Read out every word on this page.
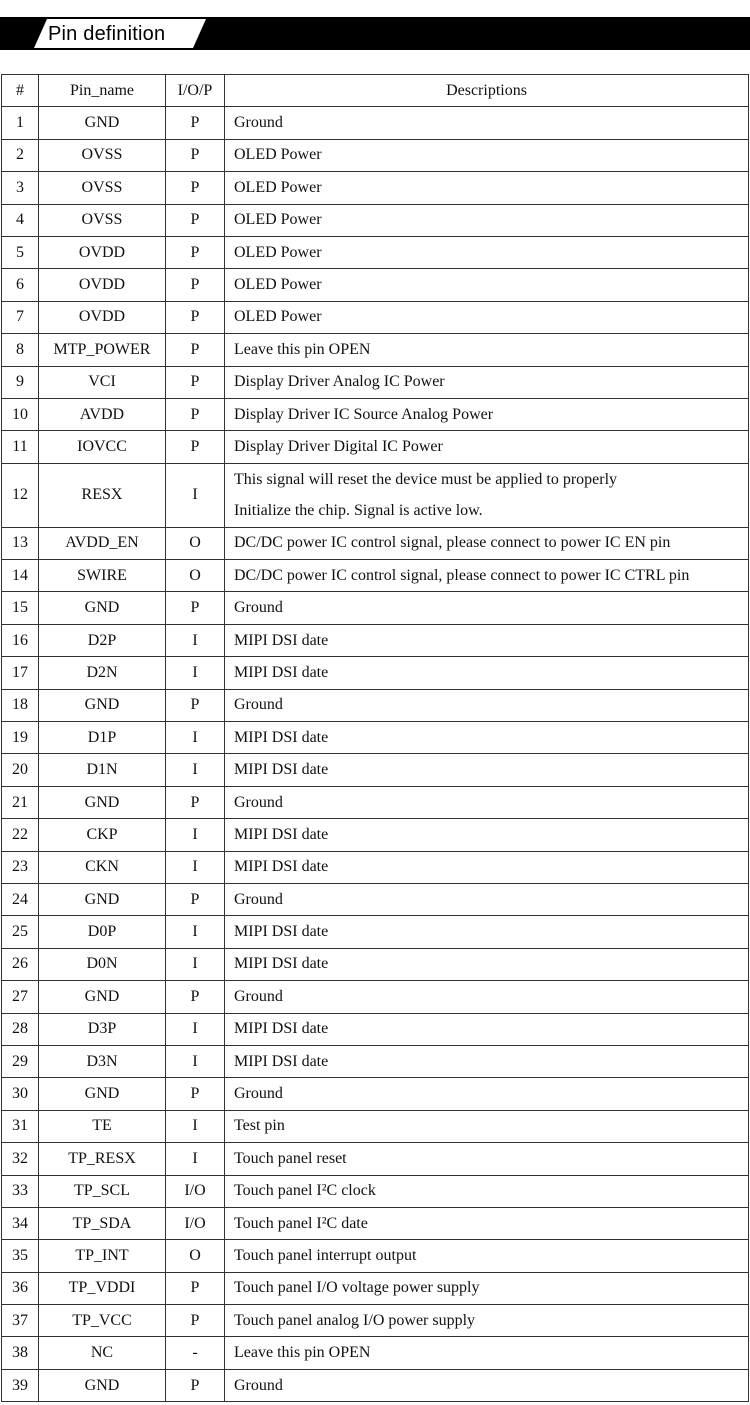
Pin definition
#	Pin_name	I/O/P	Descriptions
1	GND	P	Ground
2	OVSS	P	OLED Power
3	OVSS	P	OLED Power
4	OVSS	P	OLED Power
5	OVDD	P	OLED Power
6	OVDD	P	OLED Power
7	OVDD	P	OLED Power
8	MTP_POWER	P	Leave this pin OPEN
9	VCI	P	Display Driver Analog IC Power
10	AVDD	P	Display Driver IC Source Analog Power
11	IOVCC	P	Display Driver Digital IC Power
12	RESX	I	This signal will reset the device must be applied to properly
Initialize the chip. Signal is active low.

13	AVDD_EN	O	DC/DC power IC control signal, please connect to power IC EN pin
14	SWIRE	O	DC/DC power IC control signal, please connect to power IC CTRL pin
15	GND	P	Ground
16	D2P	I	MIPI DSI date
17	D2N	I	MIPI DSI date
18	GND	P	Ground
19	D1P	I	MIPI DSI date
20	D1N	I	MIPI DSI date
21	GND	P	Ground
22	CKP	I	MIPI DSI date
23	CKN	I	MIPI DSI date
24	GND	P	Ground
25	D0P	I	MIPI DSI date
26	D0N	I	MIPI DSI date
27	GND	P	Ground
28	D3P	I	MIPI DSI date
29	D3N	I	MIPI DSI date
30	GND	P	Ground
31	TE	I	Test pin
32	TP_RESX	I	Touch panel reset
33	TP_SCL	I/O	Touch panel I²C clock
34	TP_SDA	I/O	Touch panel I²C date
35	TP_INT	O	Touch panel interrupt output
36	TP_VDDI	P	Touch panel I/O voltage power supply
37	TP_VCC	P	Touch panel analog I/O power supply
38	NC	-	Leave this pin OPEN
39	GND	P	Ground
